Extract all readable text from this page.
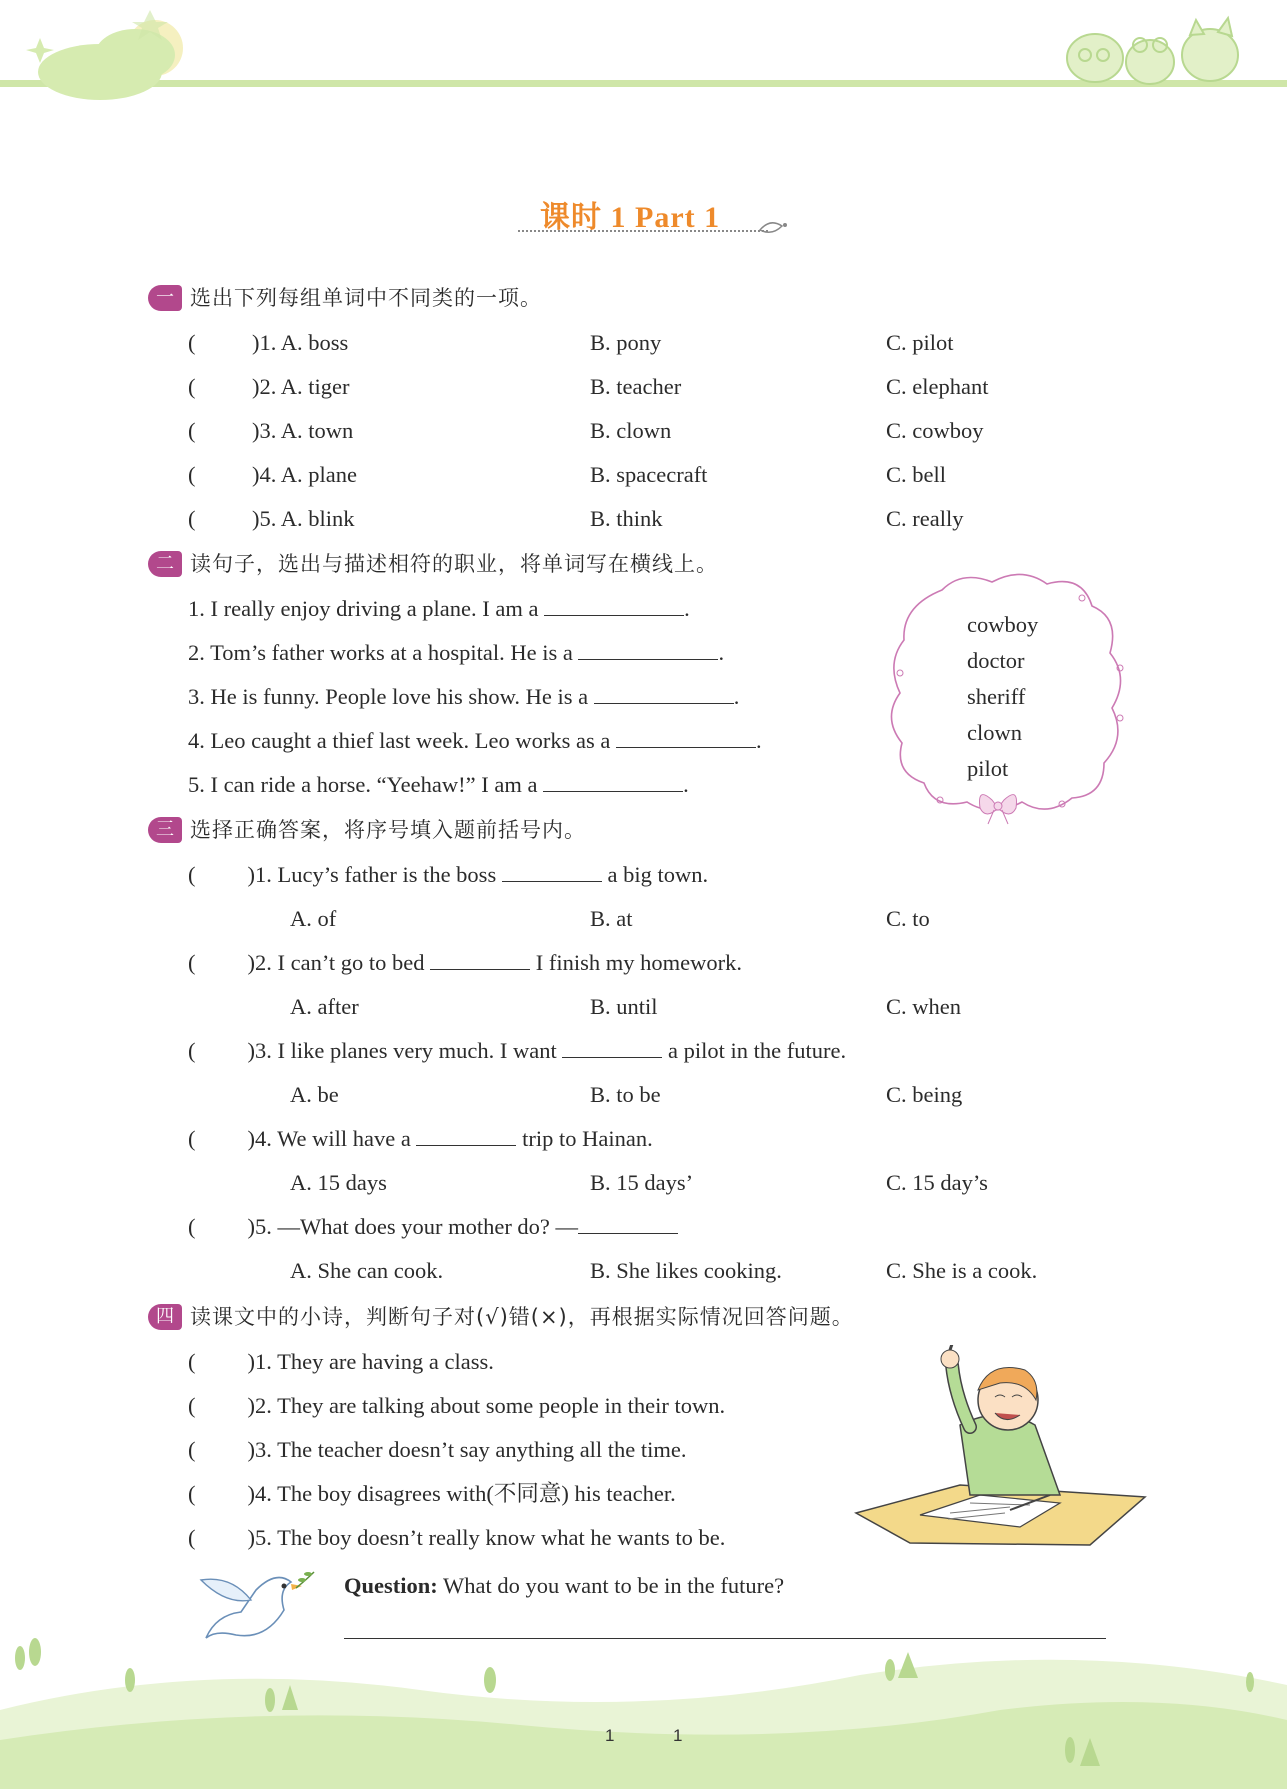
课时 1 Part 1
一 选出下列每组单词中不同类的一项。
(	)1. A. boss	B. pony	C. pilot
(	)2. A. tiger	B. teacher	C. elephant
(	)3. A. town	B. clown	C. cowboy
(	)4. A. plane	B. spacecraft	C. bell
(	)5. A. blink	B. think	C. really
二 读句子，选出与描述相符的职业，将单词写在横线上。
1. I really enjoy driving a plane. I am a	.
2. Tom’s father works at a hospital. He is a	.
3. He is funny. People love his show. He is a	.
4. Leo caught a thief last week. Leo works as a	.
5. I can ride a horse. “Yeehaw!” I am a	.
cowboy
doctor
sheriff
clown
pilot
三 选择正确答案，将序号填入题前括号内。
( )1. Lucy’s father is the boss	a big town.
A. of	B. at	C. to
( )2. I can’t go to bed	I finish my homework.
A. after	B. until	C. when
( )3. I like planes very much. I want	a pilot in the future.
A. be	B. to be	C. being
( )4. We will have a	trip to Hainan.
A. 15 days	B. 15 days’	C. 15 day’s
( )5. —What does your mother do? —
A. She can cook.	B. She likes cooking.	C. She is a cook.
四 读课文中的小诗，判断句子对(√)错(×)，再根据实际情况回答问题。
( )1. They are having a class.
( )2. They are talking about some people in their town.
( )3. The teacher doesn’t say anything all the time.
( )4. The boy disagrees with(不同意) his teacher.
( )5. The boy doesn’t really know what he wants to be.
Question: What do you want to be in the future?
1	1
